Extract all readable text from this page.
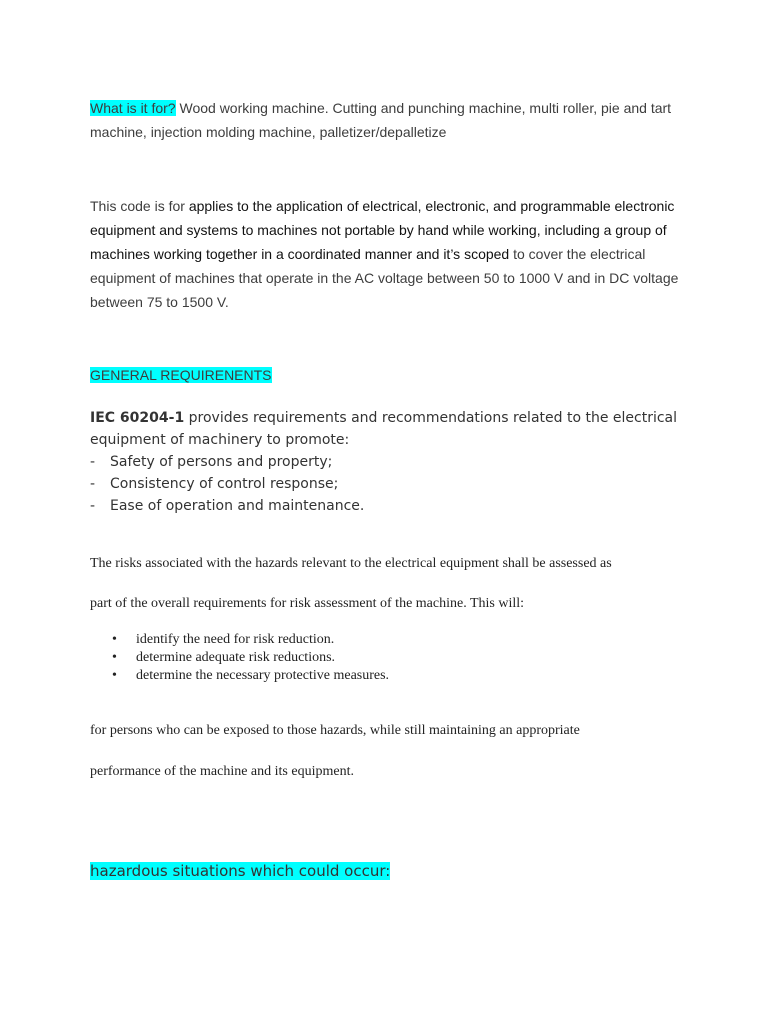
What is it for? Wood working machine. Cutting and punching machine, multi roller, pie and tart machine, injection molding machine, palletizer/depalletize
This code is for applies to the application of electrical, electronic, and programmable electronic equipment and systems to machines not portable by hand while working, including a group of machines working together in a coordinated manner and it’s scoped to cover the electrical equipment of machines that operate in the AC voltage between 50 to 1000 V and in DC voltage between 75 to 1500 V.
GENERAL REQUIRENENTS
IEC 60204-1 provides requirements and recommendations related to the electrical equipment of machinery to promote:
-	Safety of persons and property;
-	Consistency of control response;
-	Ease of operation and maintenance.
The risks associated with the hazards relevant to the electrical equipment shall be assessed as
part of the overall requirements for risk assessment of the machine. This will:
•	identify the need for risk reduction.
•	determine adequate risk reductions.
•	determine the necessary protective measures.
for persons who can be exposed to those hazards, while still maintaining an appropriate
performance of the machine and its equipment.
hazardous situations which could occur:
